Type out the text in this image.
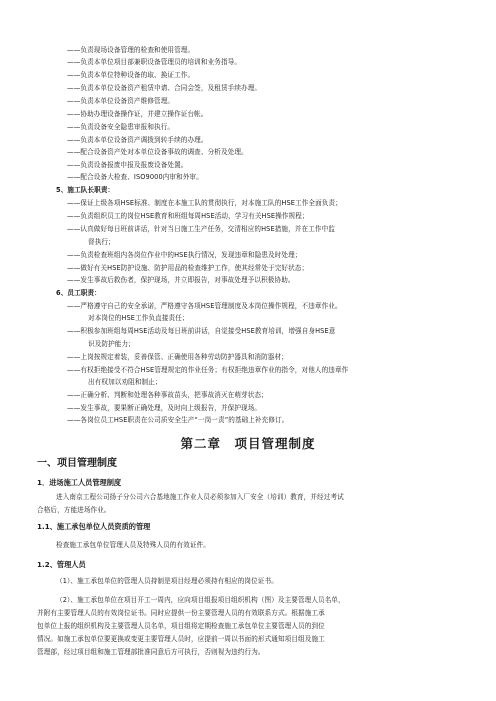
——负责现场设备管理的检查和使用管理。
——负责本单位项目部兼职设备管理员的培训和业务指导。
——负责本单位特种设备的取、换证工作。
——负责本单位设备资产租赁申请、合同会签，及租赁手续办理。
——负责本单位设备资产维修管理。
——协助办理设备操作证，并建立操作证台帐。
——负责设备安全隐患审报和执行。
——负责本单位设备资产调拨到转手续的办理。
——配合设备资产处对本单位设备事故的调查、分析及处理。
——负责设备报废申报及报废设备处置。
——配合设备大检查、ISO9000内审和外审。
5、施工队长职责：
——保证上级各项HSE标准、制度在本施工队的贯彻执行，对本施工队的HSE工作全面负责；
——负责组织员工的岗位HSE教育和班组每周HSE活动，学习有关HSE操作规程；
——认真做好每日班前讲话，针对当日施工生产任务，交清相应的HSE措施，并在工作中监
督执行；
——负责检查班组内各岗位作业中的HSE执行情况，发现违章和隐患及时处理；
——做好有关HSE防护设施、防护用品的检查维护工作，使其经常处于完好状态；
——发生事故后救伤者，保护现场，并立即报告，对事故处理予以积极协助。
6、员工职责：
——严格遵守自己的安全承诺，严格遵守各项HSE管理制度及本岗位操作规程，不违章作业。
对本岗位的HSE工作负直接责任；
——积极参加班组每周HSE活动及每日班前讲话，自觉接受HSE教育培训，增强自身HSE意
识及防护能力；
——上岗按规定着装，妥善保管、正确使用各种劳动防护器具和消防器材；
——有权拒绝接受不符合HSE管理规定的作业任务；有权拒绝违章作业的指令，对他人的违章作
出有权加以劝阻和制止；
——正确分析、判断和处理各种事故苗头，把事故消灭在萌芽状态；
——发生事故，要果断正确处理，及时向上级报告，并保护现场。
——各岗位员工HSE职责在公司质安全生产“一岗一责”的基础上补充修订。
第二章　项目管理制度
一、项目管理制度
1．进场施工人员管理制度
进入南京工程公司扬子分公司六合基地施工作业人员必须参加入厂安全（培训）教育，并经过考试
合格后，方能进场作业。
1.1、施工承包单位人员资质的管理
检查施工承包单位管理人员及特殊人员的有效证件。
1.2、管理人员
（1）、施工承包单位的管理人员持制是项目经理必须持有相应的岗位证书。
（2）、施工承包单位在项目开工一周内，应向项目组报项目组织机构（图）及主要管理人员名单，
并附有主要管理人员的有效岗位证书。同时应提供一份主要管理人员的有效联系方式。根据施工承
包单位上报的组织机构及主要管理人员名单，项目组将定期检查施工承包单位主要管理人员的到位
情况。如施工承包单位要更换或变更主要管理人员时，应提前一周以书面的形式通知项目组及施工
管理部，经过项目组和施工管理部批准同意后方可执行，否则视为违约行为。
